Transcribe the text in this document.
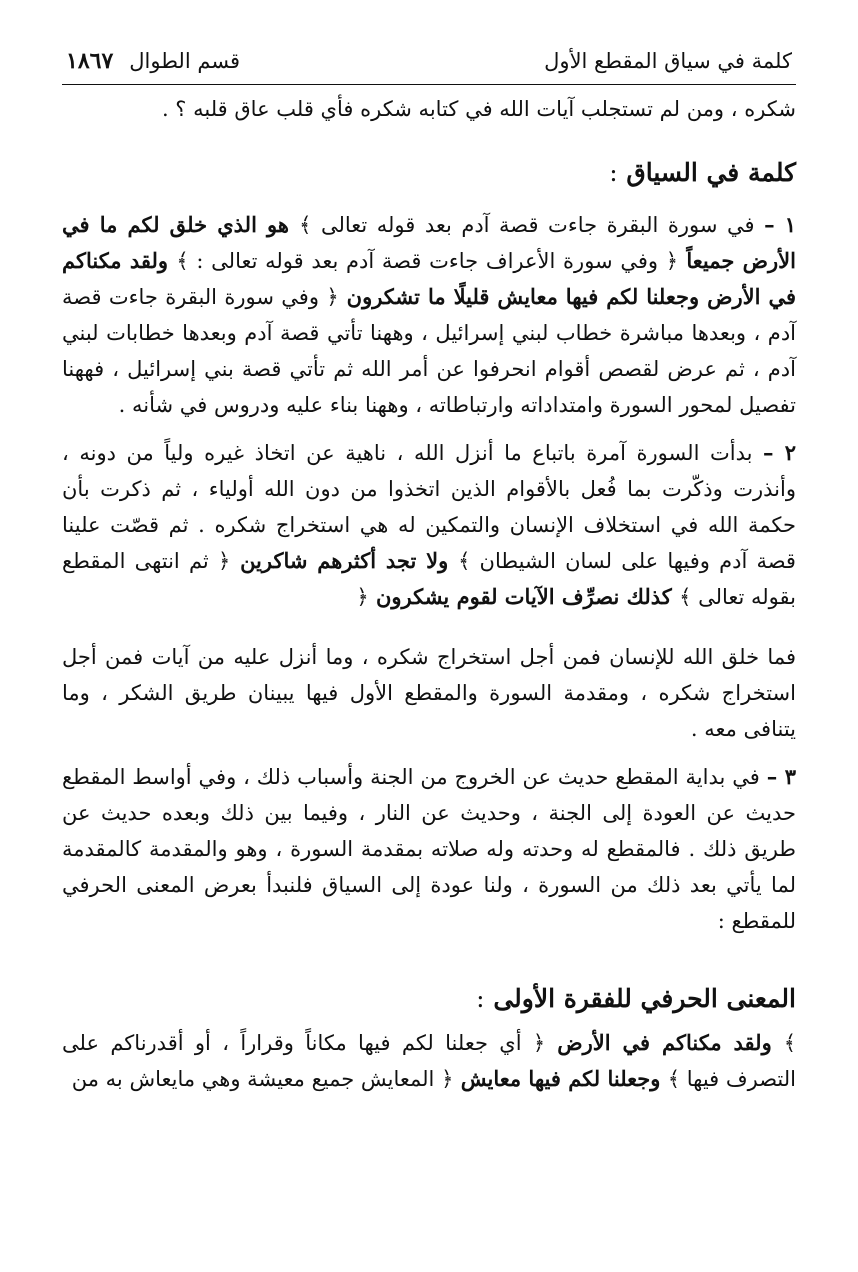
كلمة في سياق المقطع الأول
قسم الطوال
١٨٦٧

شكره ، ومن لم تستجلب آيات الله في كتابه شكره فأي قلب عاق قلبه ؟ .

كلمة في السياق :

١ – في سورة البقرة جاءت قصة آدم بعد قوله تعالى ﴾ هو الذي خلق لكم ما في الأرض جميعاً ﴿ وفي سورة الأعراف جاءت قصة آدم بعد قوله تعالى : ﴾ ولقد مكناكم في الأرض وجعلنا لكم فيها معايش قليلًا ما تشكرون ﴿ وفي سورة البقرة جاءت قصة آدم ، وبعدها مباشرة خطاب لبني إسرائيل ، وههنا تأتي قصة آدم وبعدها خطابات لبني آدم ، ثم عرض لقصص أقوام انحرفوا عن أمر الله ثم تأتي قصة بني إسرائيل ، فههنا تفصيل لمحور السورة وامتداداته وارتباطاته ، وههنا بناء عليه ودروس في شأنه .

٢ – بدأت السورة آمرة باتباع ما أنزل الله ، ناهية عن اتخاذ غيره ولياً من دونه ، وأنذرت وذكّرت بما فُعل بالأقوام الذين اتخذوا من دون الله أولياء ، ثم ذكرت بأن حكمة الله في استخلاف الإنسان والتمكين له هي استخراج شكره . ثم قصّت علينا قصة آدم وفيها على لسان الشيطان ﴾ ولا تجد أكثرهم شاكرين ﴿ ثم انتهى المقطع بقوله تعالى ﴾ كذلك نصرِّف الآيات لقوم يشكرون ﴿

فما خلق الله للإنسان فمن أجل استخراج شكره ، وما أنزل عليه من آيات فمن أجل استخراج شكره ، ومقدمة السورة والمقطع الأول فيها يبينان طريق الشكر ، وما يتنافى معه .

٣ – في بداية المقطع حديث عن الخروج من الجنة وأسباب ذلك ، وفي أواسط المقطع حديث عن العودة إلى الجنة ، وحديث عن النار ، وفيما بين ذلك وبعده حديث عن طريق ذلك . فالمقطع له وحدته وله صلاته بمقدمة السورة ، وهو والمقدمة كالمقدمة لما يأتي بعد ذلك من السورة ، ولنا عودة إلى السياق فلنبدأ بعرض المعنى الحرفي للمقطع :

المعنى الحرفي للفقرة الأولى :

﴾ ولقد مكناكم في الأرض ﴿ أي جعلنا لكم فيها مكاناً وقراراً ، أو أقدرناكم على التصرف فيها ﴾ وجعلنا لكم فيها معايش ﴿ المعايش جميع معيشة وهي مايعاش به من
